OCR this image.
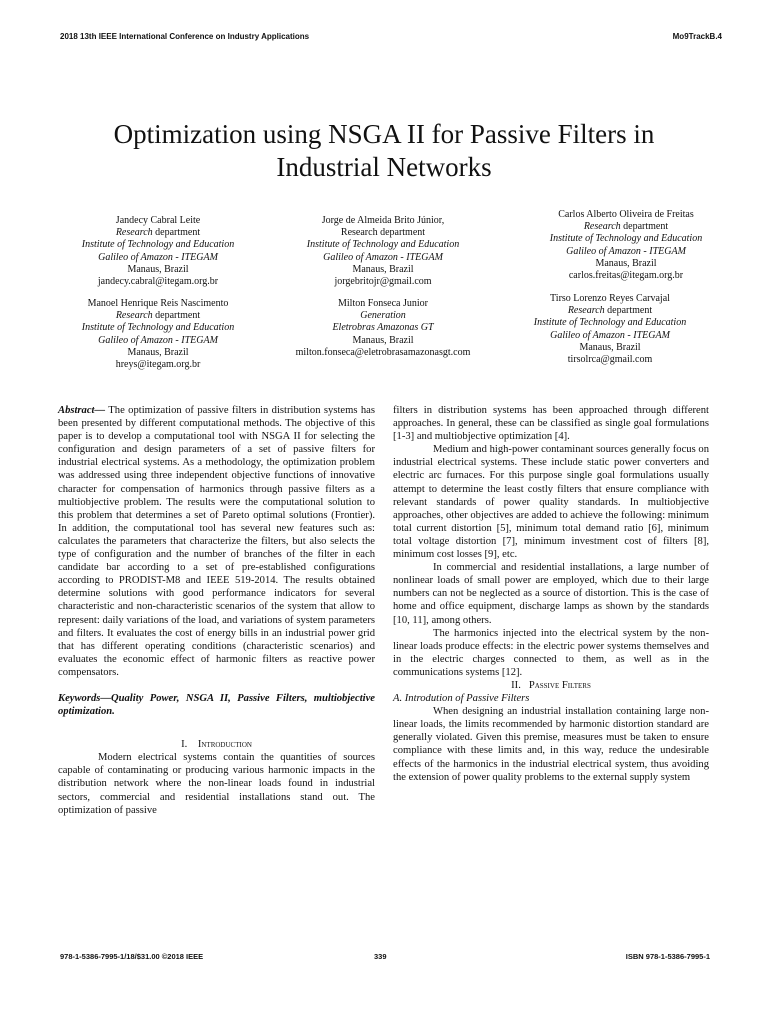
2018 13th IEEE International Conference on Industry Applications	Mo9TrackB.4
Optimization using NSGA II for Passive Filters in
Industrial Networks
Jandecy Cabral Leite
Research department
Institute of Technology and Education
Galileo of Amazon - ITEGAM
Manaus, Brazil
jandecy.cabral@itegam.org.br
Jorge de Almeida Brito Júnior,
Research department
Institute of Technology and Education
Galileo of Amazon - ITEGAM
Manaus, Brazil
jorgebritojr@gmail.com
Carlos Alberto Oliveira de Freitas
Research department
Institute of Technology and Education
Galileo of Amazon - ITEGAM
Manaus, Brazil
carlos.freitas@itegam.org.br
Manoel Henrique Reis Nascimento
Research department
Institute of Technology and Education
Galileo of Amazon - ITEGAM
Manaus, Brazil
hreys@itegam.org.br
Milton Fonseca Junior
Generation
Eletrobras Amazonas GT
Manaus, Brazil
milton.fonseca@eletrobrasamazonasgt.com
Tirso Lorenzo Reyes Carvajal
Research department
Institute of Technology and Education
Galileo of Amazon - ITEGAM
Manaus, Brazil
tirsolrca@gmail.com

Abstract— The optimization of passive filters in distribution systems has been presented by different computational methods. The objective of this paper is to develop a computational tool with NSGA II for selecting the configuration and design parameters of a set of passive filters for industrial electrical systems. As a methodology, the optimization problem was addressed using three independent objective functions of innovative character for compensation of harmonics through passive filters as a multiobjective problem. The results were the computational solution to this problem that determines a set of Pareto optimal solutions (Frontier). In addition, the computational tool has several new features such as: calculates the parameters that characterize the filters, but also selects the type of configuration and the number of branches of the filter in each candidate bar according to a set of pre-established configurations according to PRODIST-M8 and IEEE 519-2014. The results obtained determine solutions with good performance indicators for several characteristic and non-characteristic scenarios of the system that allow to represent: daily variations of the load, and variations of system parameters and filters. It evaluates the cost of energy bills in an industrial power grid that has different operating conditions (characteristic scenarios) and evaluates the economic effect of harmonic filters as reactive power compensators.

Keywords—Quality Power, NSGA II, Passive Filters, multiobjective optimization.

I. Introduction

Modern electrical systems contain the quantities of sources capable of contaminating or producing various harmonic impacts in the distribution network where the non-linear loads found in industrial sectors, commercial and residential installations stand out. The optimization of passive

filters in distribution systems has been approached through different approaches. In general, these can be classified as single goal formulations [1-3] and multiobjective optimization [4].

Medium and high-power contaminant sources generally focus on industrial electrical systems. These include static power converters and electric arc furnaces. For this purpose single goal formulations usually attempt to determine the least costly filters that ensure compliance with relevant standards of power quality standards. In multiobjective approaches, other objectives are added to achieve the following: minimum total current distortion [5], minimum total demand ratio [6], minimum total voltage distortion [7], minimum investment cost of filters [8], minimum cost losses [9], etc.

In commercial and residential installations, a large number of nonlinear loads of small power are employed, which due to their large numbers can not be neglected as a source of distortion. This is the case of home and office equipment, discharge lamps as shown by the standards [10, 11], among others.

The harmonics injected into the electrical system by the non-linear loads produce effects: in the electric power systems themselves and in the electric charges connected to them, as well as in the communications systems [12].

II. Passive Filters

A. Introdution of Passive Filters

When designing an industrial installation containing large non-linear loads, the limits recommended by harmonic distortion standard are generally violated. Given this premise, measures must be taken to ensure compliance with these limits and, in this way, reduce the undesirable effects of the harmonics in the industrial electrical system, thus avoiding the extension of power quality problems to the external supply system

978-1-5386-7995-1/18/$31.00 ©2018 IEEE	339	ISBN 978-1-5386-7995-1
